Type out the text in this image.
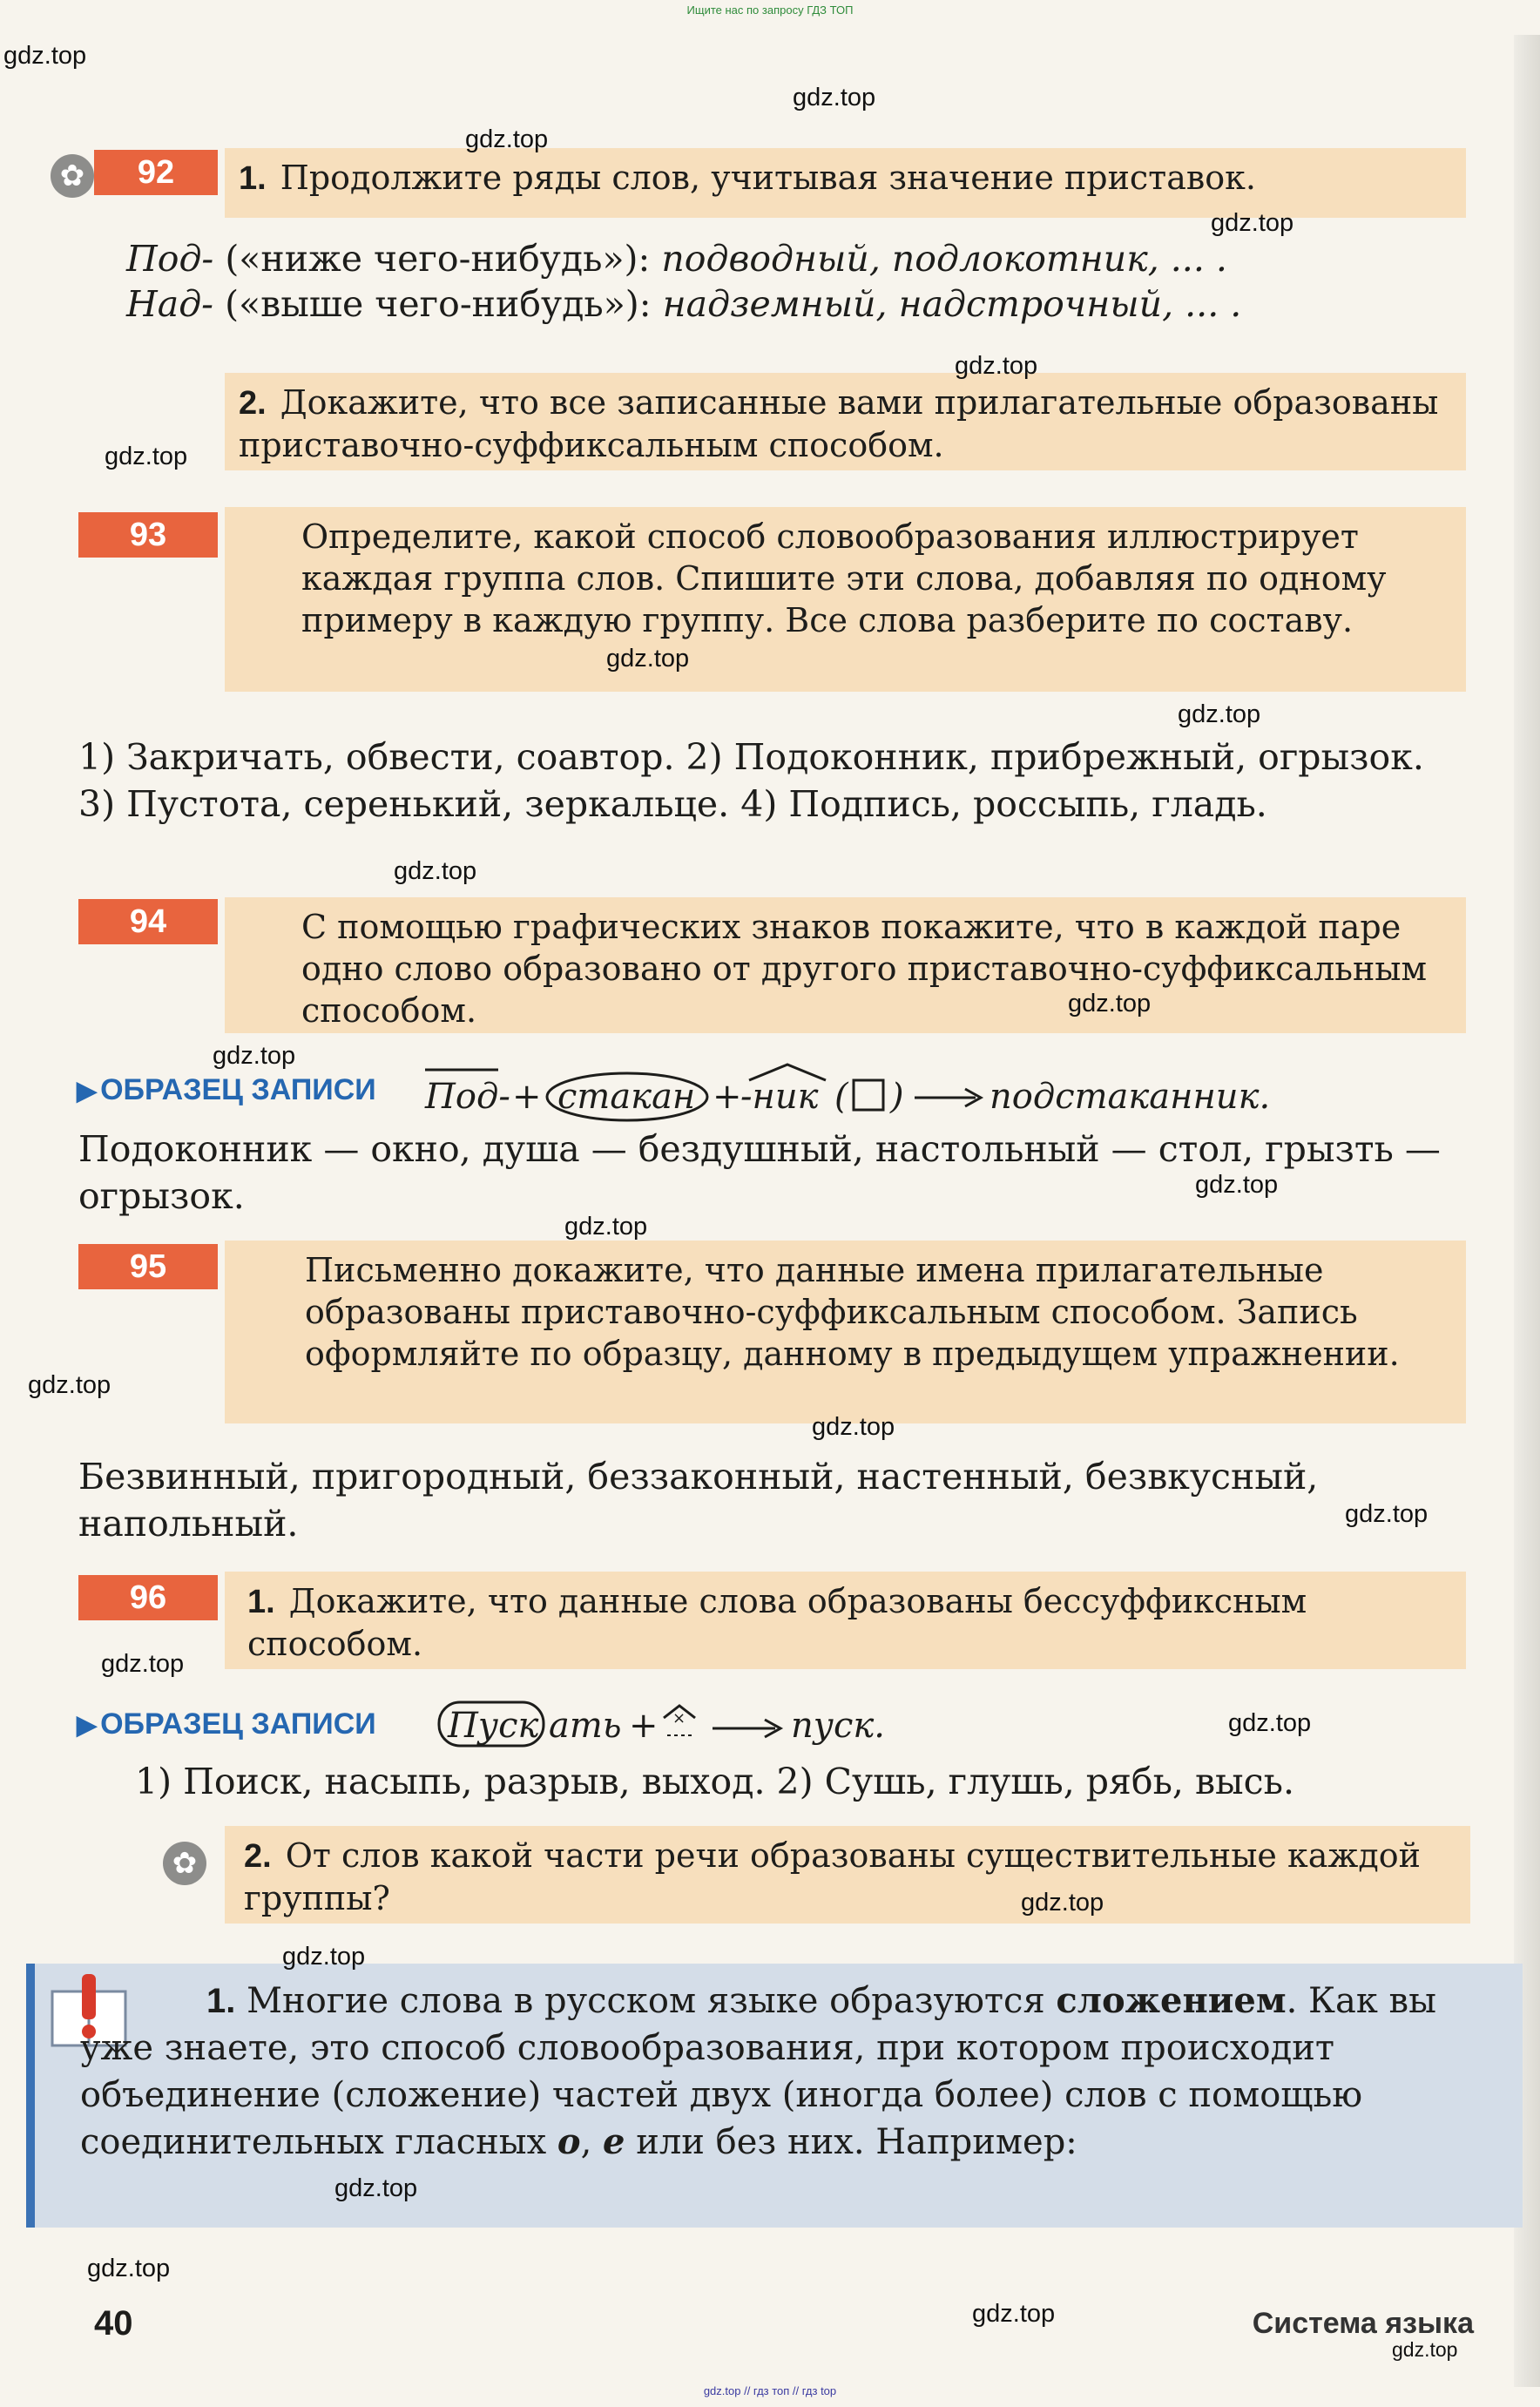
Ищите нас по запросу ГДЗ ТОП
✿	92	1. Продолжите ряды слов, учитывая значение приставок.
Под- («ниже чего-нибудь»): подводный, подлокотник, ... .
Над- («выше чего-нибудь»): надземный, надстрочный, ... .
2. Докажите, что все записанные вами прилагательные образованы приставочно-суффиксальным способом.
93	Определите, какой способ словообразования иллюстрирует каждая группа слов. Спишите эти слова, добавляя по одному примеру в каждую группу. Все слова разберите по составу.
1) Закричать, обвести, соавтор. 2) Подоконник, прибрежный, огрызок. 3) Пустота, серенький, зеркальце. 4) Подпись, россыпь, гладь.
94	С помощью графических знаков покажите, что в каждой паре одно слово образовано от другого приставочно-суффиксальным способом.
▶ ОБРАЗЕЦ ЗАПИСИ Под- + стакан +
-ник ( ) подстаканник.
Подоконник — окно, душа — бездушный, настольный — стол, грызть — огрызок.
95	Письменно докажите, что данные имена прилагательные образованы приставочно-суффиксальным способом. Запись оформляйте по образцу, данному в предыдущем упражнении.
Безвинный, пригородный, беззаконный, настенный, безвкусный, напольный.
96	1. Докажите, что данные слова образованы бессуффиксным способом.
▶ ОБРАЗЕЦ ЗАПИСИ Пуск ать + ×	пуск.
1) Поиск, насыпь, разрыв, выход. 2) Сушь, глушь, рябь, высь.
✿	2. От слов какой части речи образованы существительные каждой группы?
1. Многие слова в русском языке образуются сложением. Как вы уже знаете, это способ словообразования, при котором происходит объединение (сложение) частей двух (иногда более) слов с помощью соединительных гласных о, е или без них. Например:
40	Система языка
gdz.top // гдз топ // гдз top
gdz.top
gdz.top
gdz.top
gdz.top
gdz.top
gdz.top
gdz.top
gdz.top
gdz.top
gdz.top
gdz.top
gdz.top
gdz.top
gdz.top
gdz.top
gdz.top
gdz.top
gdz.top
gdz.top
gdz.top
gdz.top
gdz.top
gdz.top
gdz.top
